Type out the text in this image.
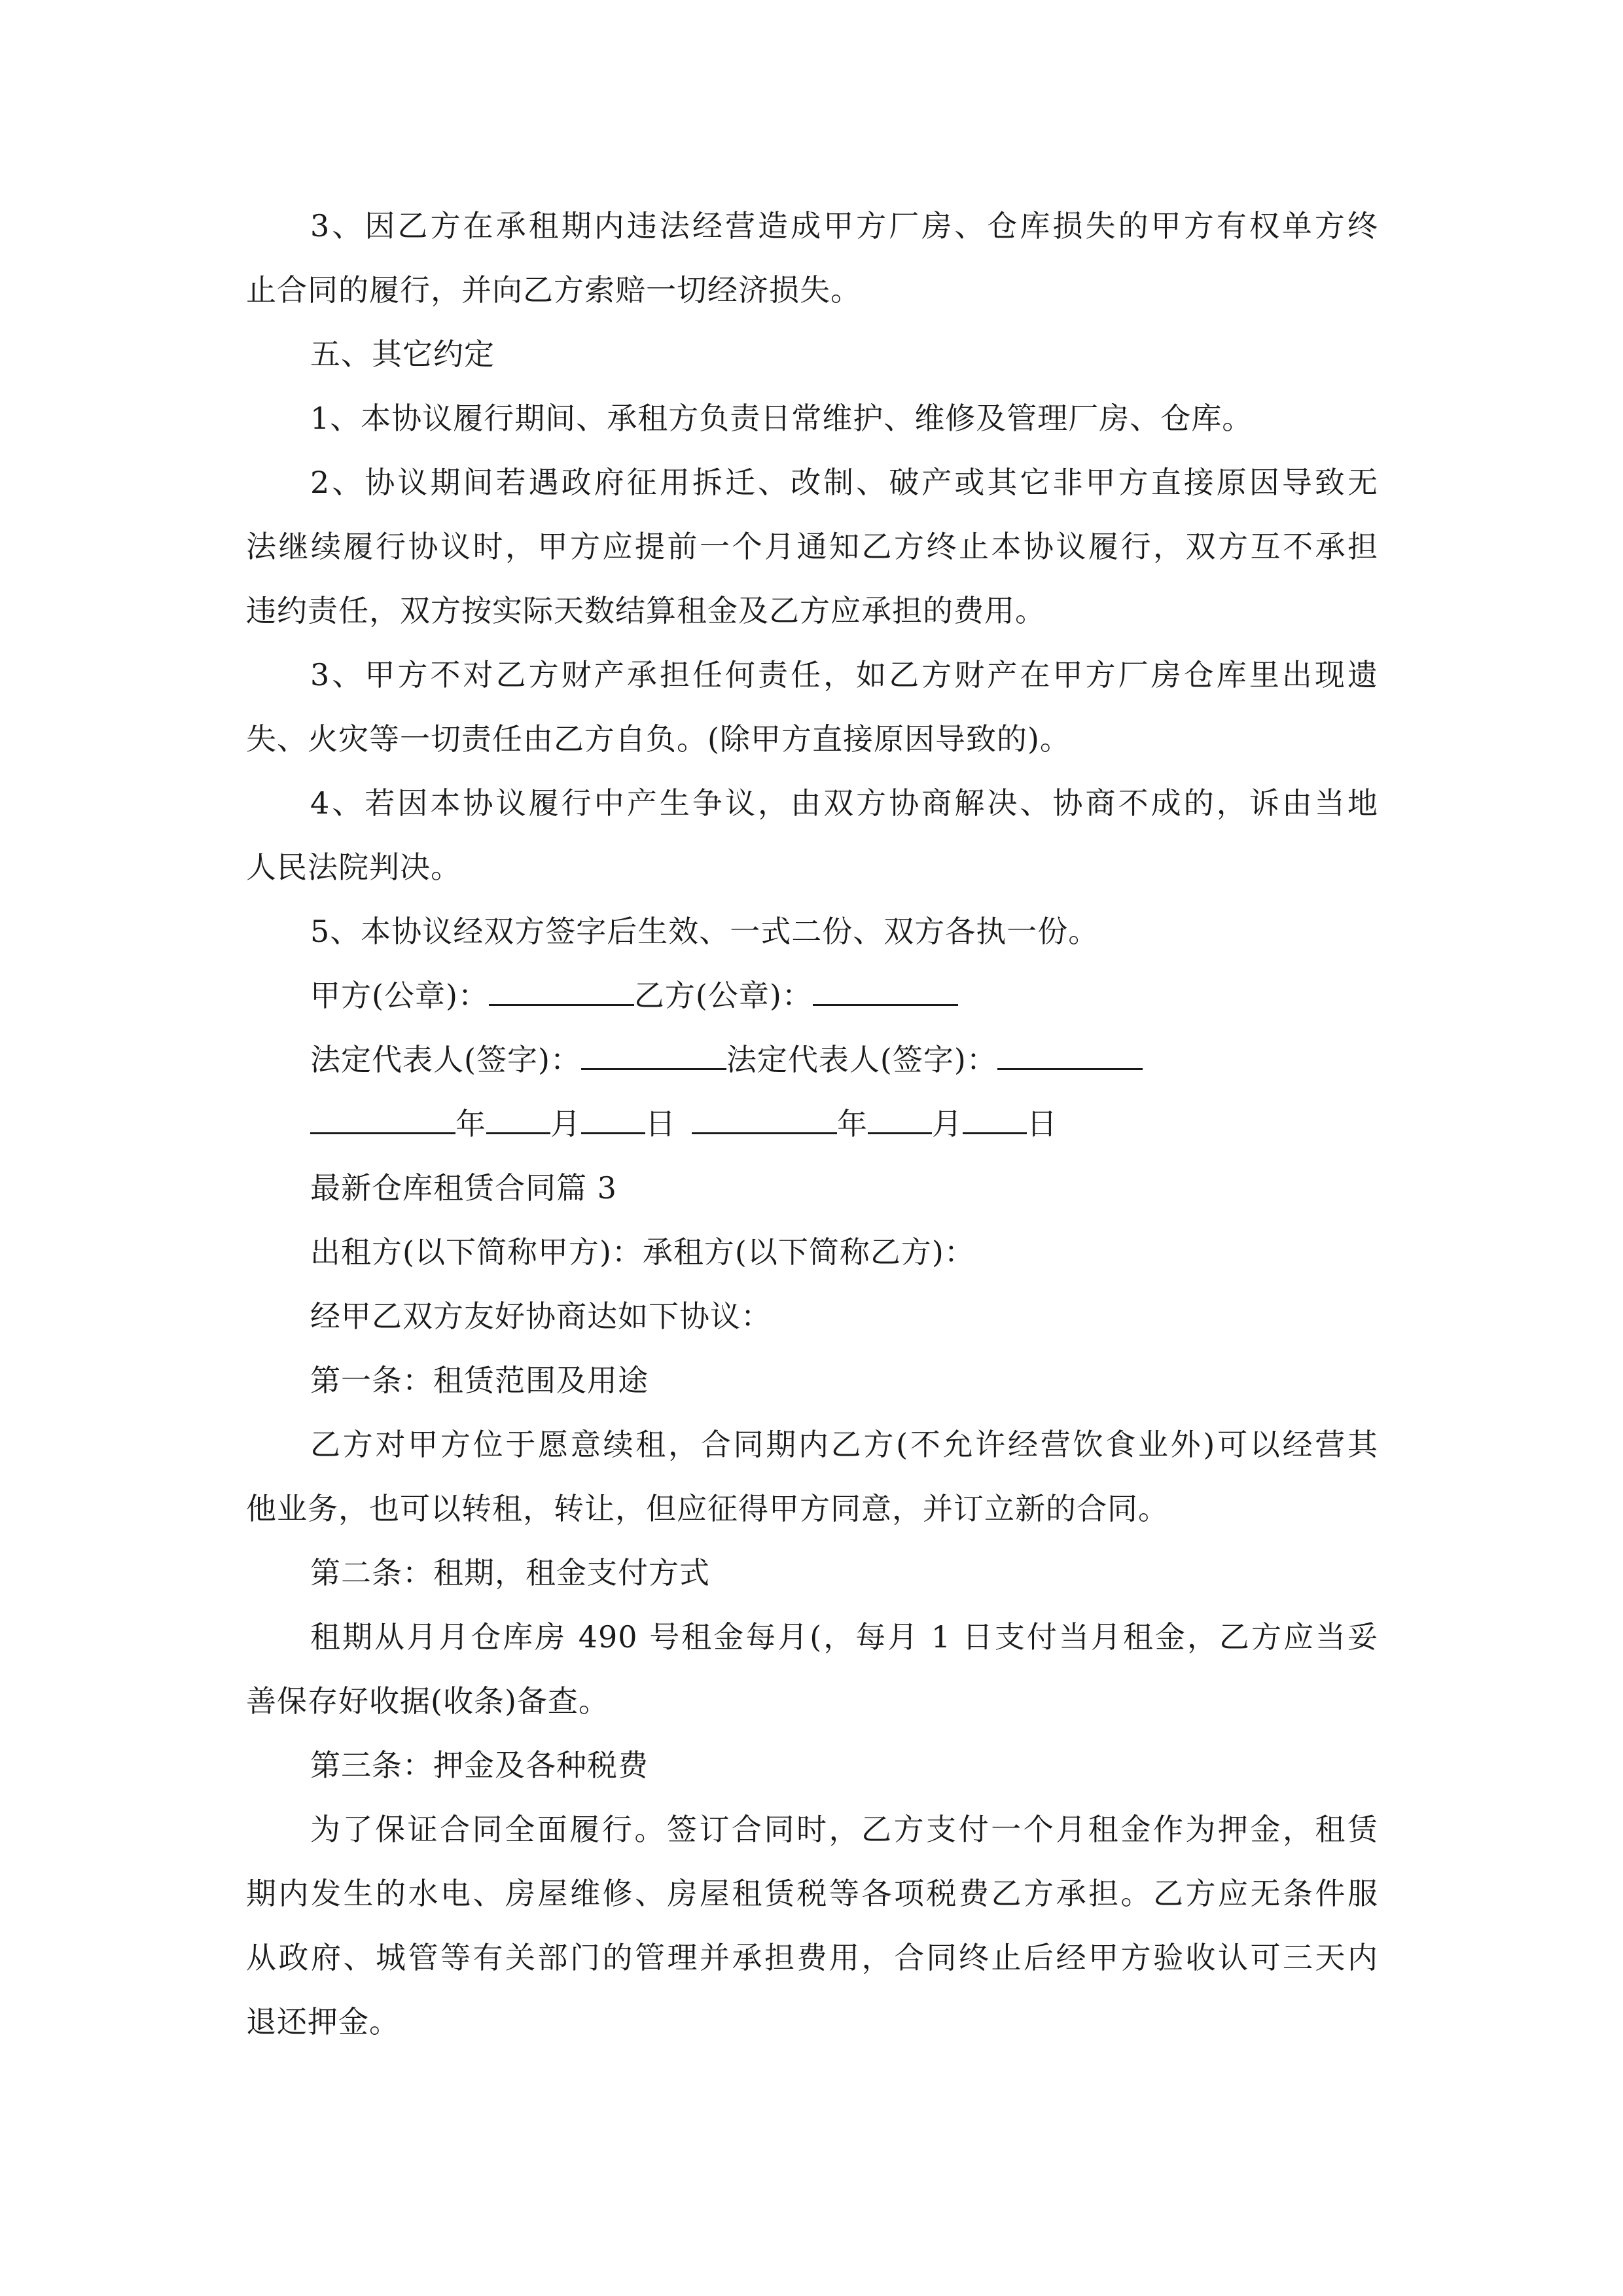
3、因乙方在承租期内违法经营造成甲方厂房、仓库损失的甲方有权单方终
止合同的履行，并向乙方索赔一切经济损失。
五、其它约定
1、本协议履行期间、承租方负责日常维护、维修及管理厂房、仓库。
2、协议期间若遇政府征用拆迁、改制、破产或其它非甲方直接原因导致无
法继续履行协议时，甲方应提前一个月通知乙方终止本协议履行，双方互不承担
违约责任，双方按实际天数结算租金及乙方应承担的费用。
3、甲方不对乙方财产承担任何责任，如乙方财产在甲方厂房仓库里出现遗
失、火灾等一切责任由乙方自负。(除甲方直接原因导致的)。
4、若因本协议履行中产生争议，由双方协商解决、协商不成的，诉由当地
人民法院判决。
5、本协议经双方签字后生效、一式二份、双方各执一份。
甲方(公章)：	乙方(公章)：
法定代表人(签字)：	法定代表人(签字)：
年 月 日	年 月 日
最新仓库租赁合同篇 3
出租方(以下简称甲方)：承租方(以下简称乙方)：
经甲乙双方友好协商达如下协议：
第一条：租赁范围及用途
乙方对甲方位于愿意续租，合同期内乙方(不允许经营饮食业外)可以经营其
他业务，也可以转租，转让，但应征得甲方同意，并订立新的合同。
第二条：租期，租金支付方式
租期从月月仓库房 490 号租金每月(，每月 1 日支付当月租金，乙方应当妥
善保存好收据(收条)备查。
第三条：押金及各种税费
为了保证合同全面履行。签订合同时，乙方支付一个月租金作为押金，租赁
期内发生的水电、房屋维修、房屋租赁税等各项税费乙方承担。乙方应无条件服
从政府、城管等有关部门的管理并承担费用，合同终止后经甲方验收认可三天内
退还押金。
